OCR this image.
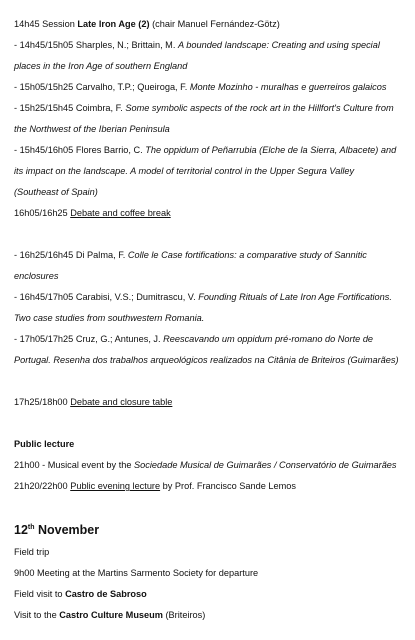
14h45 Session Late Iron Age (2) (chair Manuel Fernández-Götz)

- 14h45/15h05 Sharples, N.; Brittain, M. A bounded landscape: Creating and using special places in the Iron Age of southern England

- 15h05/15h25 Carvalho, T.P.; Queiroga, F. Monte Mozinho - muralhas e guerreiros galaicos

- 15h25/15h45 Coimbra, F. Some symbolic aspects of the rock art in the Hillfort's Culture from the Northwest of the Iberian Peninsula

- 15h45/16h05 Flores Barrio, C. The oppidum of Peñarrubia (Elche de la Sierra, Albacete) and its impact on the landscape. A model of territorial control in the Upper Segura Valley (Southeast of Spain)

16h05/16h25 Debate and coffee break

- 16h25/16h45 Di Palma, F. Colle le Case fortifications: a comparative study of Sannitic enclosures

- 16h45/17h05 Carabisi, V.S.; Dumitrascu, V. Founding Rituals of Late Iron Age Fortifications. Two case studies from southwestern Romania.

- 17h05/17h25 Cruz, G.; Antunes, J. Reescavando um oppidum pré-romano do Norte de Portugal. Resenha dos trabalhos arqueológicos realizados na Citânia de Briteiros (Guimarães)

17h25/18h00 Debate and closure table

Public lecture

21h00 - Musical event by the Sociedade Musical de Guimarães / Conservatório de Guimarães

21h20/22h00 Public evening lecture by Prof. Francisco Sande Lemos

12th November

Field trip

9h00 Meeting at the Martins Sarmento Society for departure

Field visit to Castro de Sabroso

Visit to the Castro Culture Museum (Briteiros)
